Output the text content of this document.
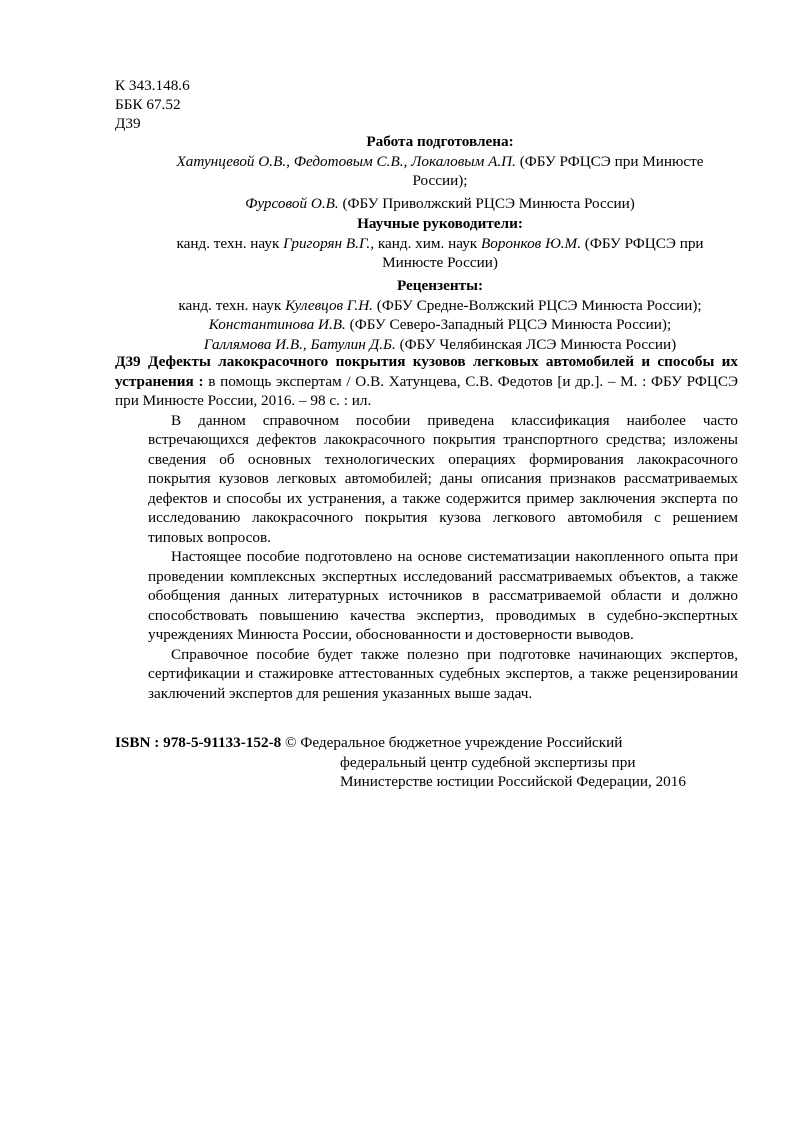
К 343.148.6
ББК 67.52
Д39
Работа подготовлена:
Хатунцевой О.В., Федотовым С.В., Локаловым А.П. (ФБУ РФЦСЭ при Минюсте
России);
Фурсовой О.В. (ФБУ Приволжский РЦСЭ Минюста России)
Научные руководители:
канд. техн. наук Григорян В.Г., канд. хим. наук Воронков Ю.М. (ФБУ РФЦСЭ при
Минюсте России)
Рецензенты:
канд. техн. наук Кулевцов Г.Н. (ФБУ Средне-Волжский РЦСЭ Минюста России);
Константинова И.В. (ФБУ Северо-Западный РЦСЭ Минюста России);
Галлямова И.В., Батулин Д.Б. (ФБУ Челябинская ЛСЭ Минюста России)
Д39 Дефекты лакокрасочного покрытия кузовов легковых автомобилей и способы их устранения : в помощь экспертам / О.В. Хатунцева, С.В. Федотов [и др.]. – М. : ФБУ РФЦСЭ при Минюсте России, 2016. – 98 с. : ил.

В данном справочном пособии приведена классификация наиболее часто встречающихся дефектов лакокрасочного покрытия транспортного средства; изложены сведения об основных технологических операциях формирования лакокрасочного покрытия кузовов легковых автомобилей; даны описания признаков рассматриваемых дефектов и способы их устранения, а также содержится пример заключения эксперта по исследованию лакокрасочного покрытия кузова легкового автомобиля с решением типовых вопросов.

Настоящее пособие подготовлено на основе систематизации накопленного опыта при проведении комплексных экспертных исследований рассматриваемых объектов, а также обобщения данных литературных источников в рассматриваемой области и должно способствовать повышению качества экспертиз, проводимых в судебно-экспертных учреждениях Минюста России, обоснованности и достоверности выводов.

Справочное пособие будет также полезно при подготовке начинающих экспертов, сертификации и стажировке аттестованных судебных экспертов, а также рецензировании заключений экспертов для решения указанных выше задач.

ISBN : 978-5-91133-152-8 © Федеральное бюджетное учреждение Российский
федеральный центр судебной экспертизы при
Министерстве юстиции Российской Федерации, 2016
